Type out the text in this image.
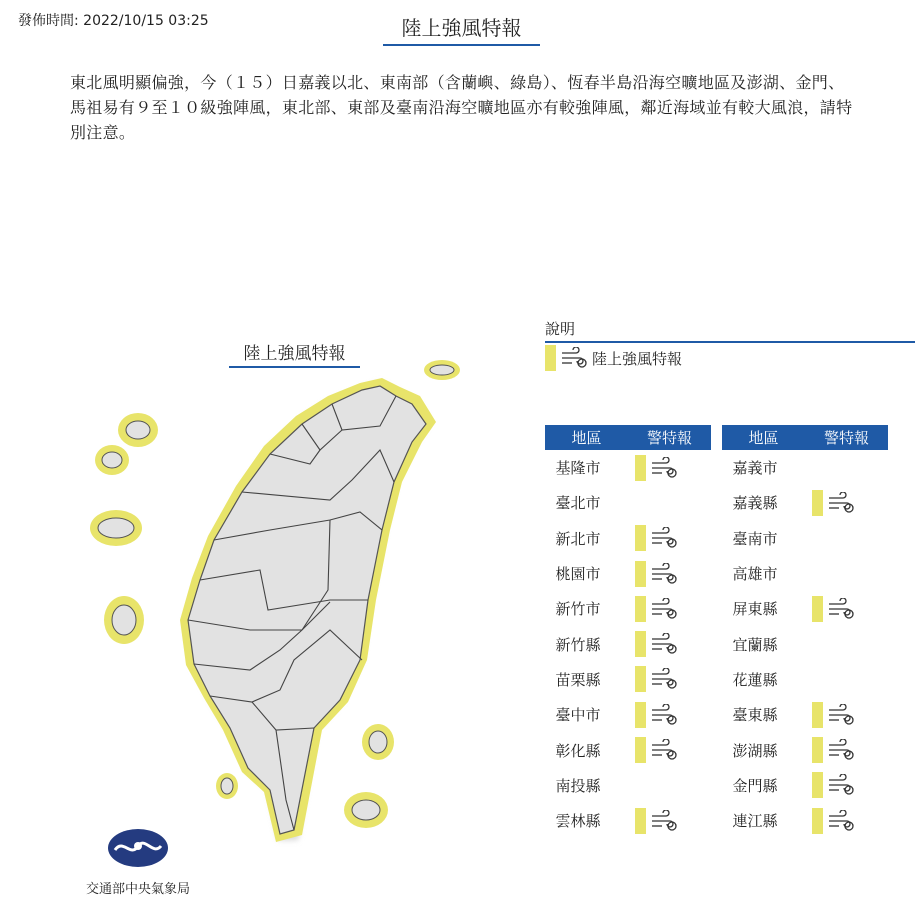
發佈時間: 2022/10/15 03:25	陸上強風特報
東北風明顯偏強，今（１５）日嘉義以北、東南部（含蘭嶼、綠島）、恆春半島沿海空曠地區及澎湖、金門、馬祖易有９至１０級強陣風，東北部、東部及臺南沿海空曠地區亦有較強陣風，鄰近海域並有較大風浪，請特別注意。
陸上強風特報
說明
陸上強風特報
地區	警特報
基隆市
臺北市
新北市
桃園市
新竹市
新竹縣
苗栗縣
臺中市
彰化縣
南投縣
雲林縣
地區	警特報
嘉義市
嘉義縣
臺南市
高雄市
屏東縣
宜蘭縣
花蓮縣
臺東縣
澎湖縣
金門縣
連江縣
交通部中央氣象局
